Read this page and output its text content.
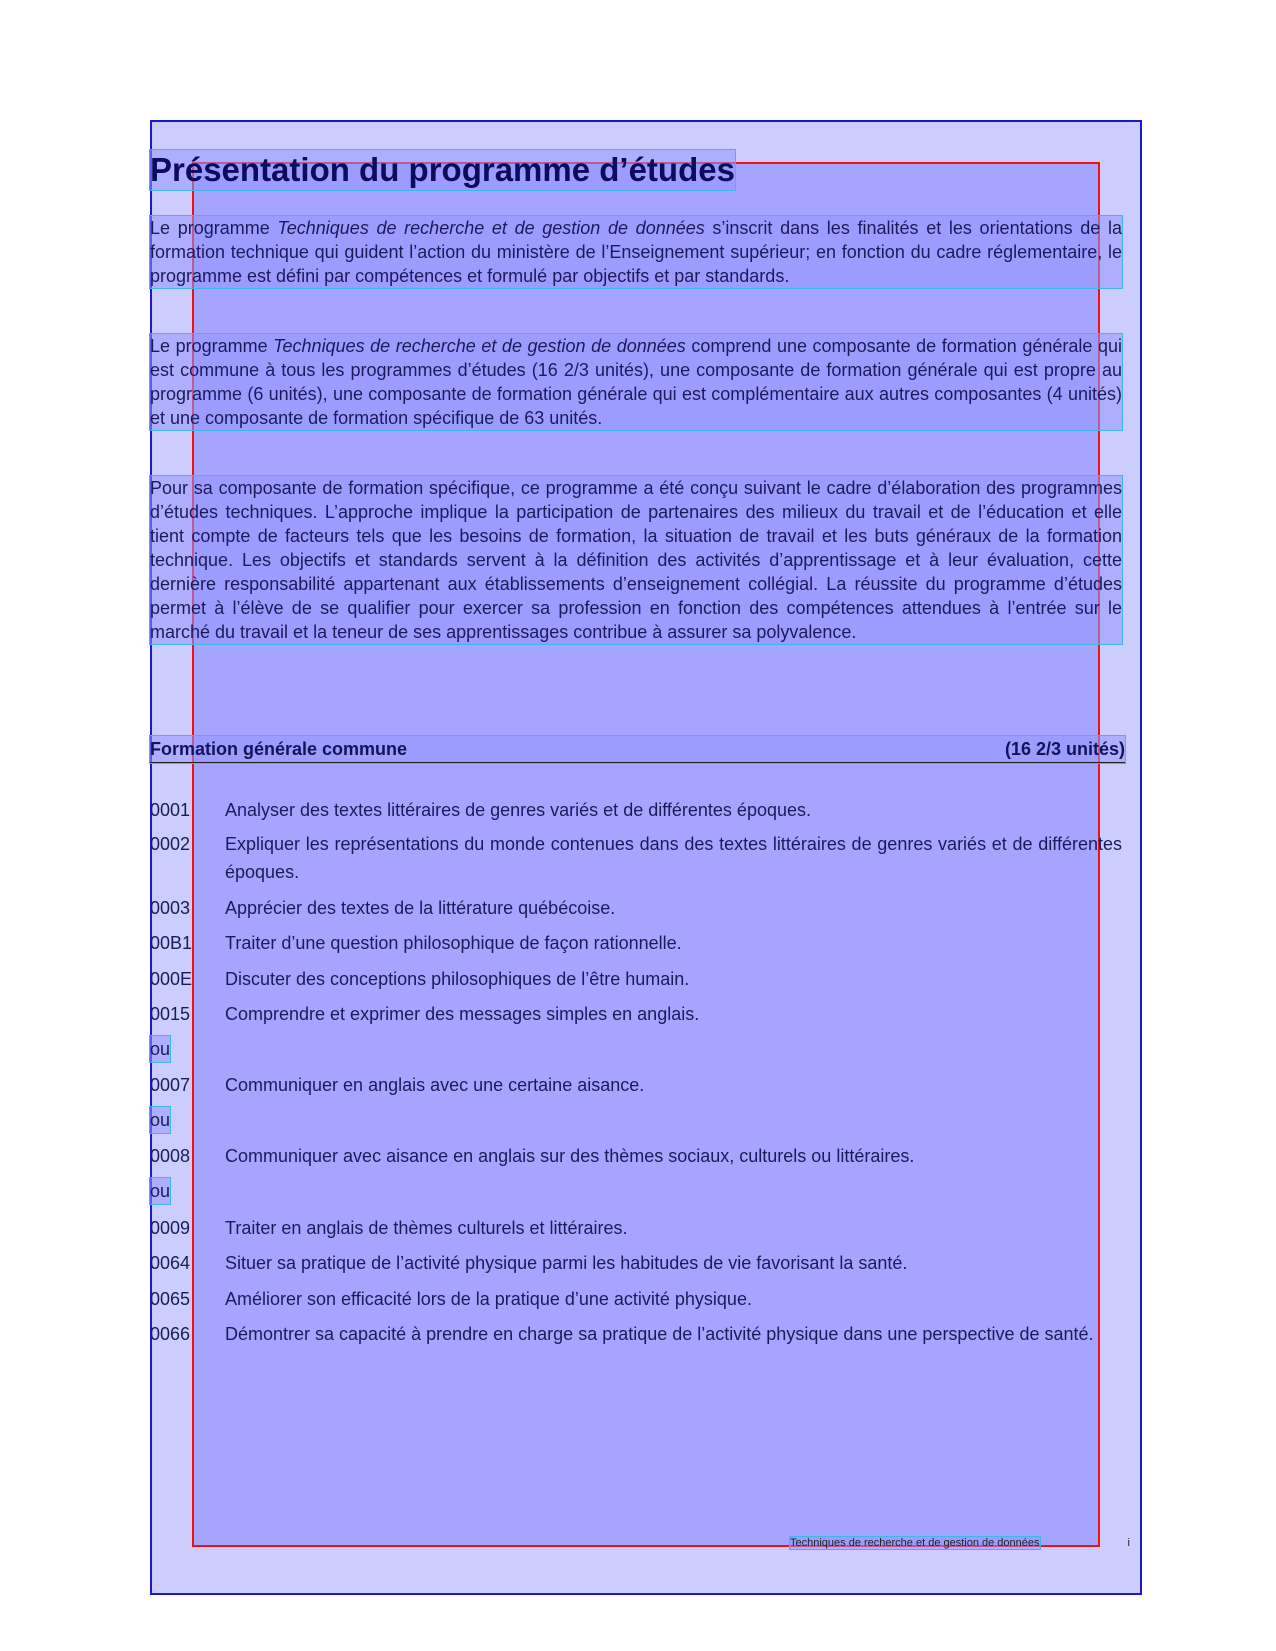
Présentation du programme d’études

Le programme Techniques de recherche et de gestion de données s’inscrit dans les finalités et les orientations de la formation technique qui guident l’action du ministère de l’Enseignement supérieur; en fonction du cadre réglementaire, le programme est défini par compétences et formulé par objectifs et par standards.

Le programme Techniques de recherche et de gestion de données comprend une composante de formation générale qui est commune à tous les programmes d’études (16 2/3 unités), une composante de formation générale qui est propre au programme (6 unités), une composante de formation générale qui est complémentaire aux autres composantes (4 unités) et une composante de formation spécifique de 63 unités.

Pour sa composante de formation spécifique, ce programme a été conçu suivant le cadre d’élaboration des programmes d’études techniques. L’approche implique la participation de partenaires des milieux du travail et de l’éducation et elle tient compte de facteurs tels que les besoins de formation, la situation de travail et les buts généraux de la formation technique. Les objectifs et standards servent à la définition des activités d’apprentissage et à leur évaluation, cette dernière responsabilité appartenant aux établissements d’enseignement collégial. La réussite du programme d’études permet à l’élève de se qualifier pour exercer sa profession en fonction des compétences attendues à l’entrée sur le marché du travail et la teneur de ses apprentissages contribue à assurer sa polyvalence.

Formation générale commune	(16 2/3 unités)
0001	Analyser des textes littéraires de genres variés et de différentes époques.
0002	Expliquer les représentations du monde contenues dans des textes littéraires de genres variés et de différentes époques.
0003	Apprécier des textes de la littérature québécoise.
00B1	Traiter d’une question philosophique de façon rationnelle.
000E	Discuter des conceptions philosophiques de l’être humain.
0015	Comprendre et exprimer des messages simples en anglais.
ou
0007	Communiquer en anglais avec une certaine aisance.
ou
0008	Communiquer avec aisance en anglais sur des thèmes sociaux, culturels ou littéraires.
ou
0009	Traiter en anglais de thèmes culturels et littéraires.
0064	Situer sa pratique de l’activité physique parmi les habitudes de vie favorisant la santé.
0065	Améliorer son efficacité lors de la pratique d’une activité physique.
0066	Démontrer sa capacité à prendre en charge sa pratique de l’activité physique dans une perspective de santé.
Techniques de recherche et de gestion de données	i
